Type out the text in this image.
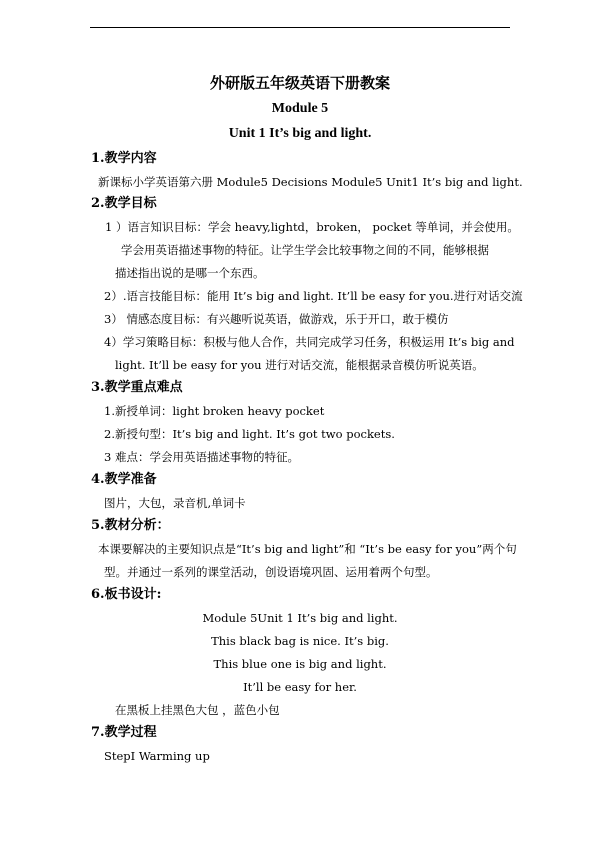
外研版五年级英语下册教案
Module 5
Unit 1 It’s big and light.
1.教学内容
新课标小学英语第六册 Module5 Decisions Module5 Unit1 It’s big and light.
2.教学目标
1 ）语言知识目标：学会 heavy,lightd，broken， pocket 等单词，并会使用。
学会用英语描述事物的特征。让学生学会比较事物之间的不同，能够根据
描述指出说的是哪一个东西。
2）.语言技能目标：能用 It’s big and light. It’ll be easy for you.进行对话交流
3） 情感态度目标：有兴趣听说英语，做游戏，乐于开口，敢于模仿
4）学习策略目标：积极与他人合作，共同完成学习任务，积极运用 It’s big and
light. It’ll be easy for you 进行对话交流，能根据录音模仿听说英语。
3.教学重点难点
1.新授单词：light broken heavy pocket
2.新授句型：It’s big and light. It’s got two pockets.
3 难点：学会用英语描述事物的特征。
4.教学准备
图片，大包，录音机,单词卡
5.教材分析：
本课要解决的主要知识点是“It’s big and light”和 “It’s be easy for you”两个句
型。并通过一系列的课堂活动，创设语境巩固、运用着两个句型。
6.板书设计:
Module 5Unit 1 It’s big and light.
This black bag is nice. It’s big.
This blue one is big and light.
It’ll be easy for her.
在黑板上挂黑色大包 ，蓝色小包
7.教学过程
StepⅠ Warming up
